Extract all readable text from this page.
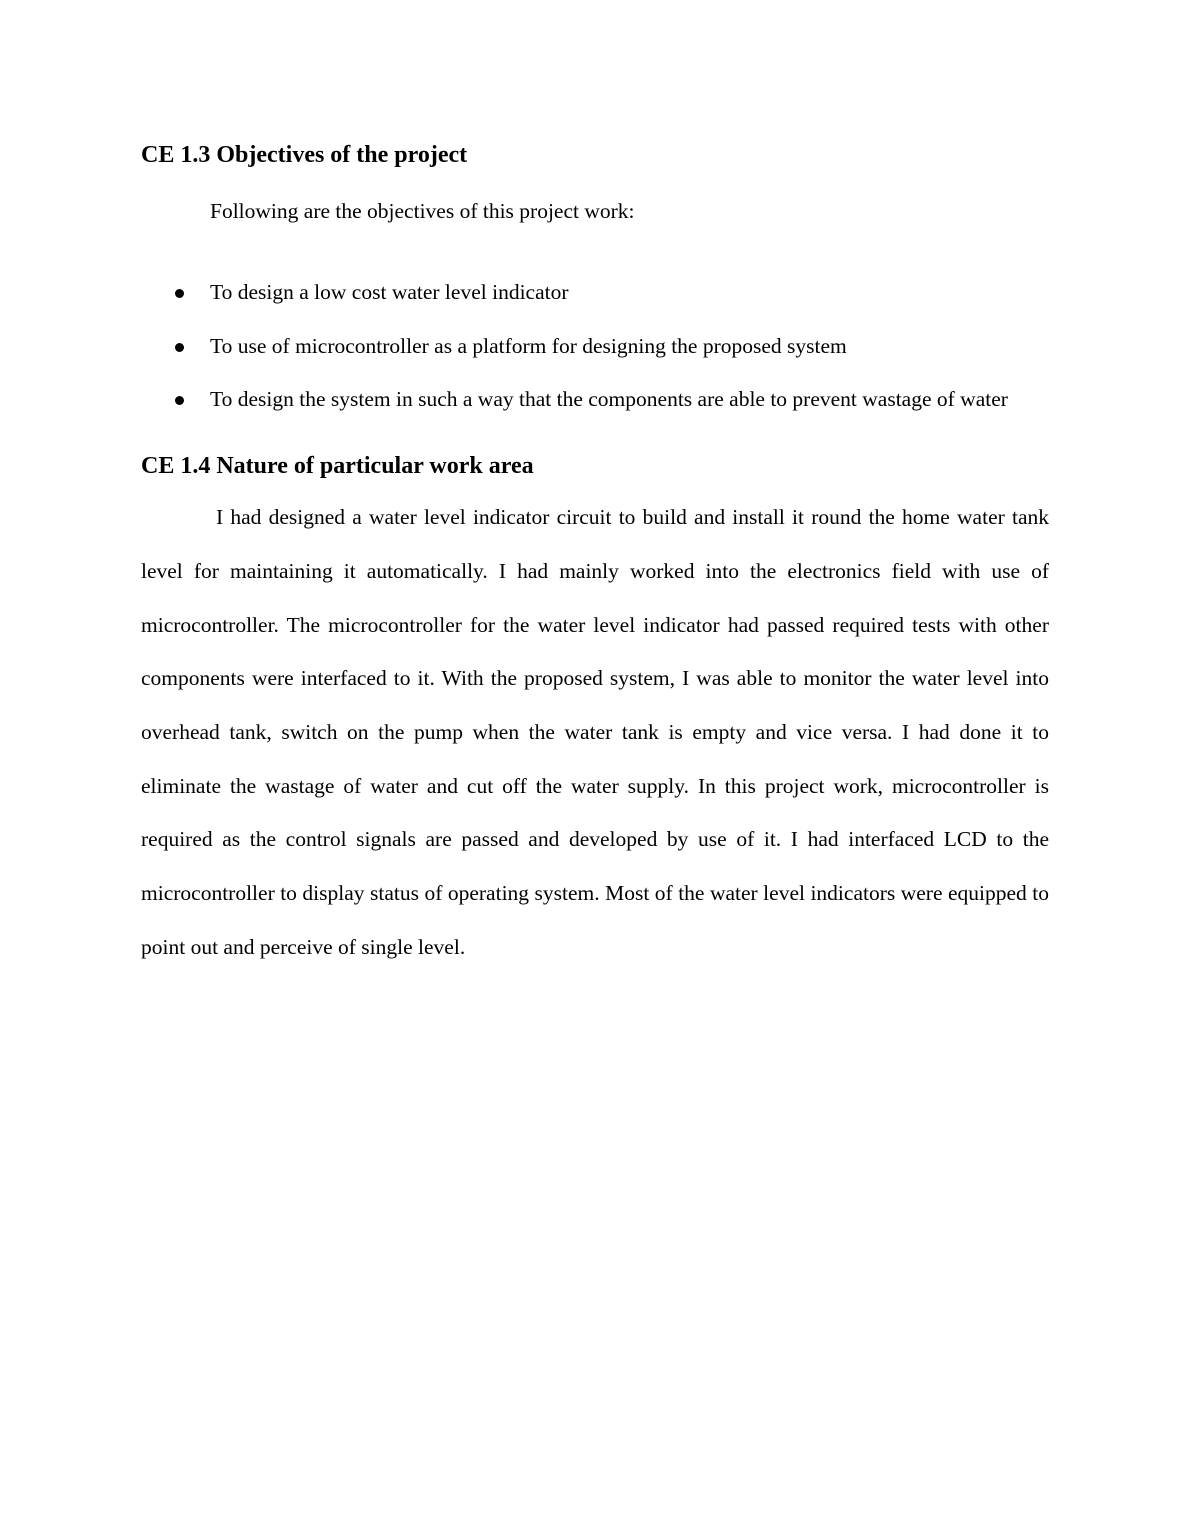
CE 1.3 Objectives of the project

Following are the objectives of this project work:

To design a low cost water level indicator
To use of microcontroller as a platform for designing the proposed system
To design the system in such a way that the components are able to prevent wastage of water
CE 1.4 Nature of particular work area

I had designed a water level indicator circuit to build and install it round the home water tank level for maintaining it automatically. I had mainly worked into the electronics field with use of microcontroller. The microcontroller for the water level indicator had passed required tests with other components were interfaced to it. With the proposed system, I was able to monitor the water level into overhead tank, switch on the pump when the water tank is empty and vice versa. I had done it to eliminate the wastage of water and cut off the water supply. In this project work, microcontroller is required as the control signals are passed and developed by use of it. I had interfaced LCD to the microcontroller to display status of operating system. Most of the water level indicators were equipped to point out and perceive of single level.
